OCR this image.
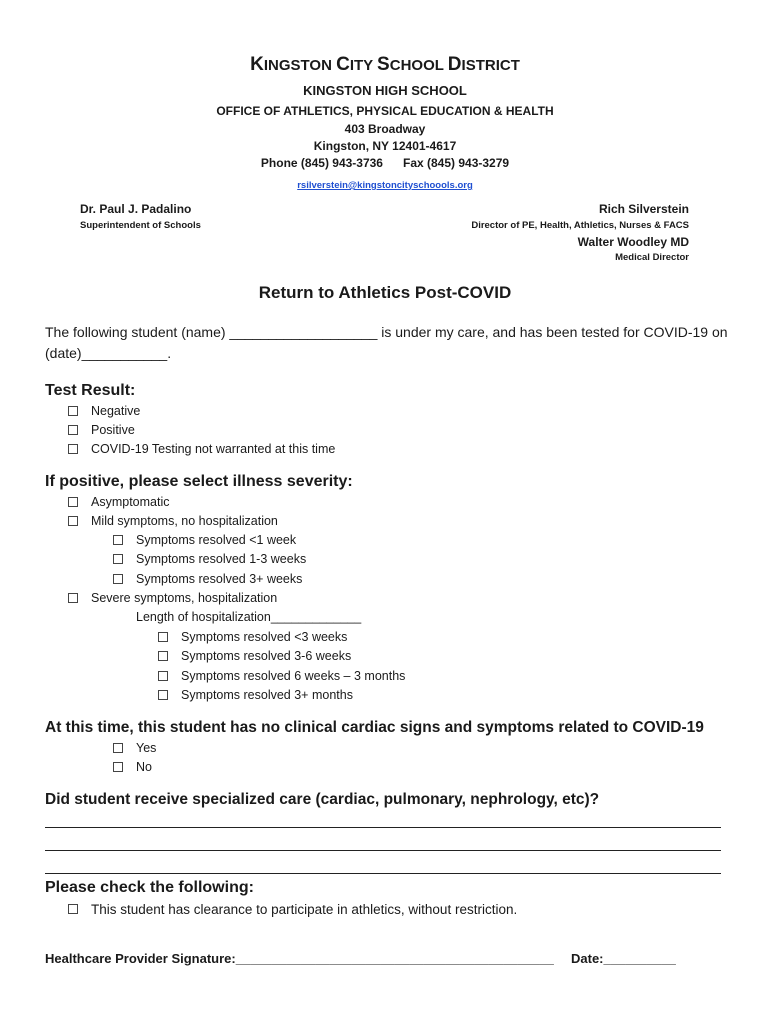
KINGSTON CITY SCHOOL DISTRICT
KINGSTON HIGH SCHOOL
OFFICE OF ATHLETICS, PHYSICAL EDUCATION & HEALTH
403 Broadway
Kingston, NY 12401-4617
Phone (845) 943-3736 Fax (845) 943-3279
rsilverstein@kingstoncityschoools.org
Dr. Paul J. Padalino
Superintendent of Schools
Rich Silverstein
Director of PE, Health, Athletics, Nurses & FACS
Walter Woodley MD
Medical Director
Return to Athletics Post-COVID
The following student (name) ___________________ is under my care, and has been tested for COVID-19 on
(date)___________.
Test Result:
Negative
Positive
COVID-19 Testing not warranted at this time
If positive, please select illness severity:
Asymptomatic
Mild symptoms, no hospitalization
Symptoms resolved <1 week
Symptoms resolved 1-3 weeks
Symptoms resolved 3+ weeks
Severe symptoms, hospitalization
Length of hospitalization_____________
Symptoms resolved <3 weeks
Symptoms resolved 3-6 weeks
Symptoms resolved 6 weeks – 3 months
Symptoms resolved 3+ months
At this time, this student has no clinical cardiac signs and symptoms related to COVID-19
Yes
No
Did student receive specialized care (cardiac, pulmonary, nephrology, etc)?
Please check the following:
This student has clearance to participate in athletics, without restriction.
Healthcare Provider Signature:____________________________________________ Date:__________
